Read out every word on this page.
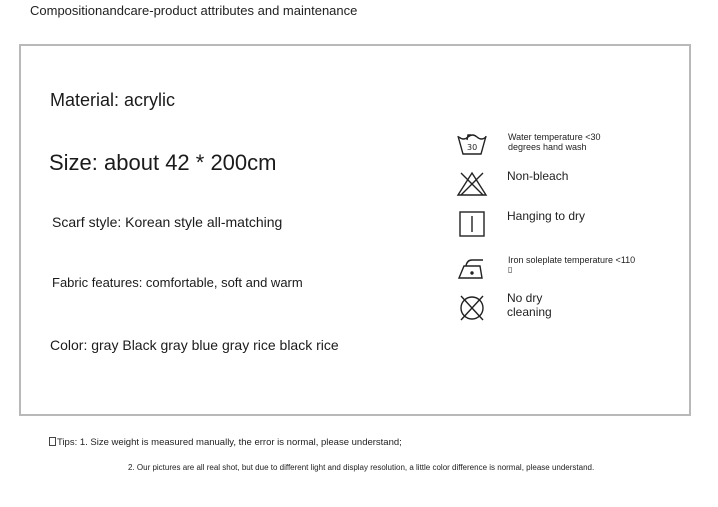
Compositionandcare-product attributes and maintenance
Material: acrylic
Size: about 42 * 200cm
Scarf style: Korean style all-matching
Fabric features: comfortable, soft and warm
Color: gray Black gray blue gray rice black rice
30
Water temperature <30
degrees hand wash
Non-bleach
Hanging to dry
Iron soleplate temperature <110
▯
No dry
cleaning
Tips: 1. Size weight is measured manually, the error is normal, please understand;
2. Our pictures are all real shot, but due to different light and display resolution, a little color difference is normal, please understand.
